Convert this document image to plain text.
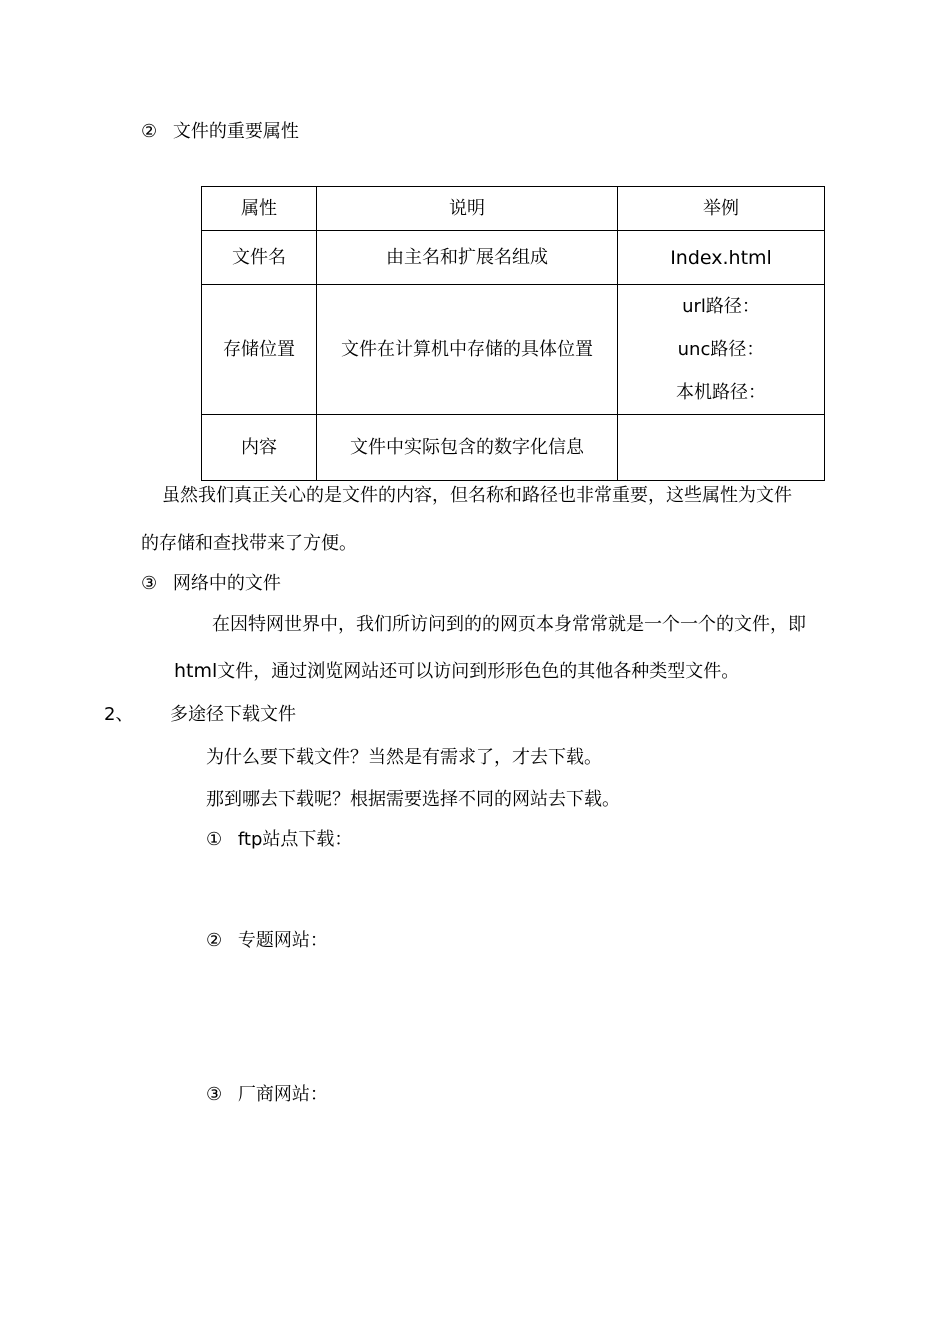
② 文件的重要属性
属性	说明	举例
文件名	由主名和扩展名组成	Index.html
存储位置	文件在计算机中存储的具体位置	url路径：
unc路径：
本机路径：

内容	文件中实际包含的数字化信息	
虽然我们真正关心的是文件的内容，但名称和路径也非常重要，这些属性为文件
的存储和查找带来了方便。
③ 网络中的文件
在因特网世界中，我们所访问到的的网页本身常常就是一个一个的文件，即
html文件，通过浏览网站还可以访问到形形色色的其他各种类型文件。
2、 多途径下载文件
为什么要下载文件？当然是有需求了，才去下载。
那到哪去下载呢？根据需要选择不同的网站去下载。
① ftp站点下载：
② 专题网站：
③ 厂商网站：
